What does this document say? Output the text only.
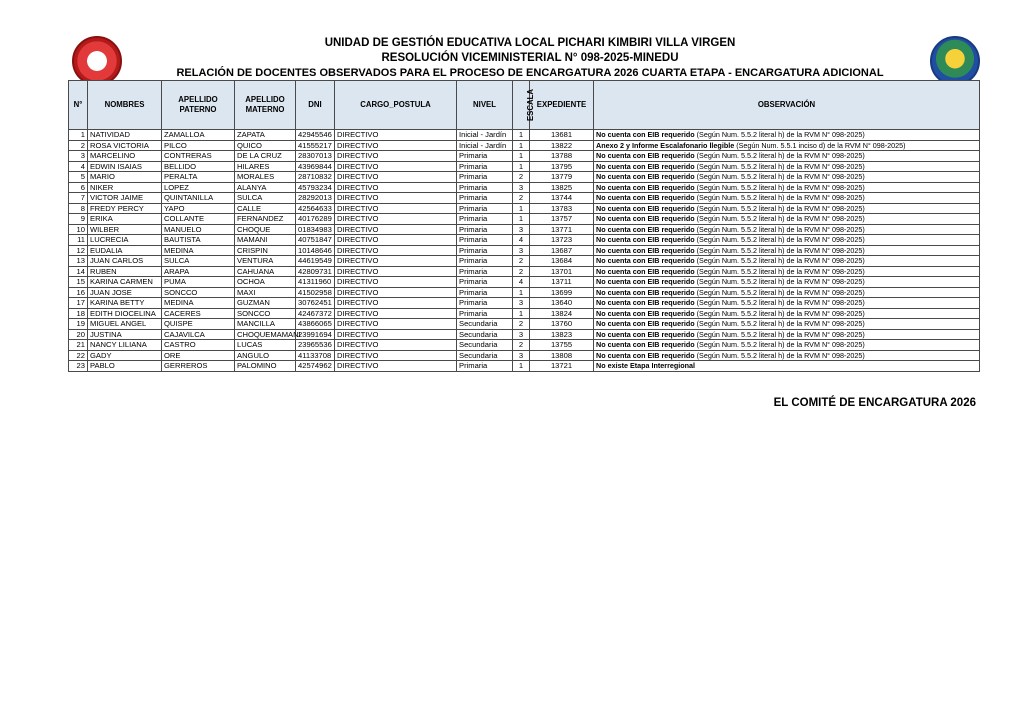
UNIDAD DE GESTIÓN EDUCATIVA LOCAL PICHARI KIMBIRI VILLA VIRGEN
RESOLUCIÓN VICEMINISTERIAL N° 098-2025-MINEDU
RELACIÓN DE DOCENTES OBSERVADOS PARA EL PROCESO DE ENCARGATURA 2026 CUARTA ETAPA - ENCARGATURA ADICIONAL
N°	NOMBRES	APELLIDO PATERNO	APELLIDO MATERNO	DNI	CARGO_POSTULA	NIVEL	ESCALA	EXPEDIENTE	OBSERVACIÓN
1	NATIVIDAD	ZAMALLOA	ZAPATA	42945546	DIRECTIVO	Inicial - Jardín	1	13681	No cuenta con EIB requerido (Según Num. 5.5.2 literal h) de la RVM N° 098-2025)
2	ROSA VICTORIA	PILCO	QUICO	41555217	DIRECTIVO	Inicial - Jardín	1	13822	Anexo 2 y Informe Escalafonario llegible (Según Num. 5.5.1 inciso d) de la RVM N° 098-2025)
3	MARCELINO	CONTRERAS	DE LA CRUZ	28307013	DIRECTIVO	Primaria	1	13788	No cuenta con EIB requerido (Según Num. 5.5.2 literal h) de la RVM N° 098-2025)
4	EDWIN ISAIAS	BELLIDO	HILARES	43969844	DIRECTIVO	Primaria	1	13795	No cuenta con EIB requerido (Según Num. 5.5.2 literal h) de la RVM N° 098-2025)
5	MARIO	PERALTA	MORALES	28710832	DIRECTIVO	Primaria	2	13779	No cuenta con EIB requerido (Según Num. 5.5.2 literal h) de la RVM N° 098-2025)
6	NIKER	LOPEZ	ALANYA	45793234	DIRECTIVO	Primaria	3	13825	No cuenta con EIB requerido (Según Num. 5.5.2 literal h) de la RVM N° 098-2025)
7	VICTOR JAIME	QUINTANILLA	SULCA	28292013	DIRECTIVO	Primaria	2	13744	No cuenta con EIB requerido (Según Num. 5.5.2 literal h) de la RVM N° 098-2025)
8	FREDY PERCY	YAPO	CALLE	42564633	DIRECTIVO	Primaria	1	13783	No cuenta con EIB requerido (Según Num. 5.5.2 literal h) de la RVM N° 098-2025)
9	ERIKA	COLLANTE	FERNANDEZ	40176289	DIRECTIVO	Primaria	1	13757	No cuenta con EIB requerido (Según Num. 5.5.2 literal h) de la RVM N° 098-2025)
10	WILBER	MANUELO	CHOQUE	01834983	DIRECTIVO	Primaria	3	13771	No cuenta con EIB requerido (Según Num. 5.5.2 literal h) de la RVM N° 098-2025)
11	LUCRECIA	BAUTISTA	MAMANI	40751847	DIRECTIVO	Primaria	4	13723	No cuenta con EIB requerido (Según Num. 5.5.2 literal h) de la RVM N° 098-2025)
12	EUDALIA	MEDINA	CRISPIN	10148646	DIRECTIVO	Primaria	3	13687	No cuenta con EIB requerido (Según Num. 5.5.2 literal h) de la RVM N° 098-2025)
13	JUAN CARLOS	SULCA	VENTURA	44619549	DIRECTIVO	Primaria	2	13684	No cuenta con EIB requerido (Según Num. 5.5.2 literal h) de la RVM N° 098-2025)
14	RUBEN	ARAPA	CAHUANA	42809731	DIRECTIVO	Primaria	2	13701	No cuenta con EIB requerido (Según Num. 5.5.2 literal h) de la RVM N° 098-2025)
15	KARINA CARMEN	PUMA	OCHOA	41311960	DIRECTIVO	Primaria	4	13711	No cuenta con EIB requerido (Según Num. 5.5.2 literal h) de la RVM N° 098-2025)
16	JUAN JOSE	SONCCO	MAXI	41502958	DIRECTIVO	Primaria	1	13699	No cuenta con EIB requerido (Según Num. 5.5.2 literal h) de la RVM N° 098-2025)
17	KARINA BETTY	MEDINA	GUZMAN	30762451	DIRECTIVO	Primaria	3	13640	No cuenta con EIB requerido (Según Num. 5.5.2 literal h) de la RVM N° 098-2025)
18	EDITH DIOCELINA	CACERES	SONCCO	42467372	DIRECTIVO	Primaria	1	13824	No cuenta con EIB requerido (Según Num. 5.5.2 literal h) de la RVM N° 098-2025)
19	MIGUEL ANGEL	QUISPE	MANCILLA	43866065	DIRECTIVO	Secundaria	2	13760	No cuenta con EIB requerido (Según Num. 5.5.2 literal h) de la RVM N° 098-2025)
20	JUSTINA	CAJAVILCA	CHOQUEMAMANI	23991694	DIRECTIVO	Secundaria	3	13823	No cuenta con EIB requerido (Según Num. 5.5.2 literal h) de la RVM N° 098-2025)
21	NANCY LILIANA	CASTRO	LUCAS	23965536	DIRECTIVO	Secundaria	2	13755	No cuenta con EIB requerido (Según Num. 5.5.2 literal h) de la RVM N° 098-2025)
22	GADY	ORE	ANGULO	41133708	DIRECTIVO	Secundaria	3	13808	No cuenta con EIB requerido (Según Num. 5.5.2 literal h) de la RVM N° 098-2025)
23	PABLO	GERREROS	PALOMINO	42574962	DIRECTIVO	Primaria	1	13721	No existe Etapa Interregional
EL COMITÉ DE ENCARGATURA 2026
